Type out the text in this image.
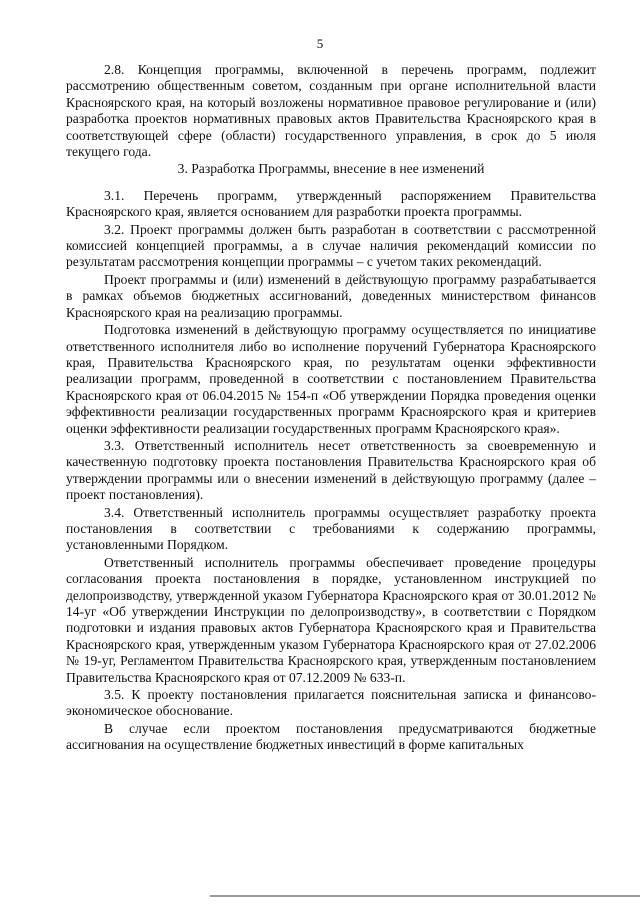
5

2.8. Концепция программы, включенной в перечень программ, подлежит рассмотрению общественным советом, созданным при органе исполнительной власти Красноярского края, на который возложены нормативное правовое регулирование и (или) разработка проектов нормативных правовых актов Правительства Красноярского края в соответствующей сфере (области) государственного управления, в срок до 5 июля текущего года.

3. Разработка Программы, внесение в нее изменений

3.1. Перечень программ, утвержденный распоряжением Правительства Красноярского края, является основанием для разработки проекта программы.

3.2. Проект программы должен быть разработан в соответствии с рассмотренной комиссией концепцией программы, а в случае наличия рекомендаций комиссии по результатам рассмотрения концепции программы – с учетом таких рекомендаций.

Проект программы и (или) изменений в действующую программу разрабатывается в рамках объемов бюджетных ассигнований, доведенных министерством финансов Красноярского края на реализацию программы.

Подготовка изменений в действующую программу осуществляется по инициативе ответственного исполнителя либо во исполнение поручений Губернатора Красноярского края, Правительства Красноярского края, по результатам оценки эффективности реализации программ, проведенной в соответствии с постановлением Правительства Красноярского края от 06.04.2015 № 154-п «Об утверждении Порядка проведения оценки эффективности реализации государственных программ Красноярского края и критериев оценки эффективности реализации государственных программ Красноярского края».

3.3. Ответственный исполнитель несет ответственность за своевременную и качественную подготовку проекта постановления Правительства Красноярского края об утверждении программы или о внесении изменений в действующую программу (далее – проект постановления).

3.4. Ответственный исполнитель программы осуществляет разработку проекта постановления в соответствии с требованиями к содержанию программы, установленными Порядком.

Ответственный исполнитель программы обеспечивает проведение процедуры согласования проекта постановления в порядке, установленном инструкцией по делопроизводству, утвержденной указом Губернатора Красноярского края от 30.01.2012 № 14-уг «Об утверждении Инструкции по делопроизводству», в соответствии с Порядком подготовки и издания правовых актов Губернатора Красноярского края и Правительства Красноярского края, утвержденным указом Губернатора Красноярского края от 27.02.2006 № 19-уг, Регламентом Правительства Красноярского края, утвержденным постановлением Правительства Красноярского края от 07.12.2009 № 633-п.

3.5. К проекту постановления прилагается пояснительная записка и финансово-экономическое обоснование.

В случае если проектом постановления предусматриваются бюджетные ассигнования на осуществление бюджетных инвестиций в форме капитальных
